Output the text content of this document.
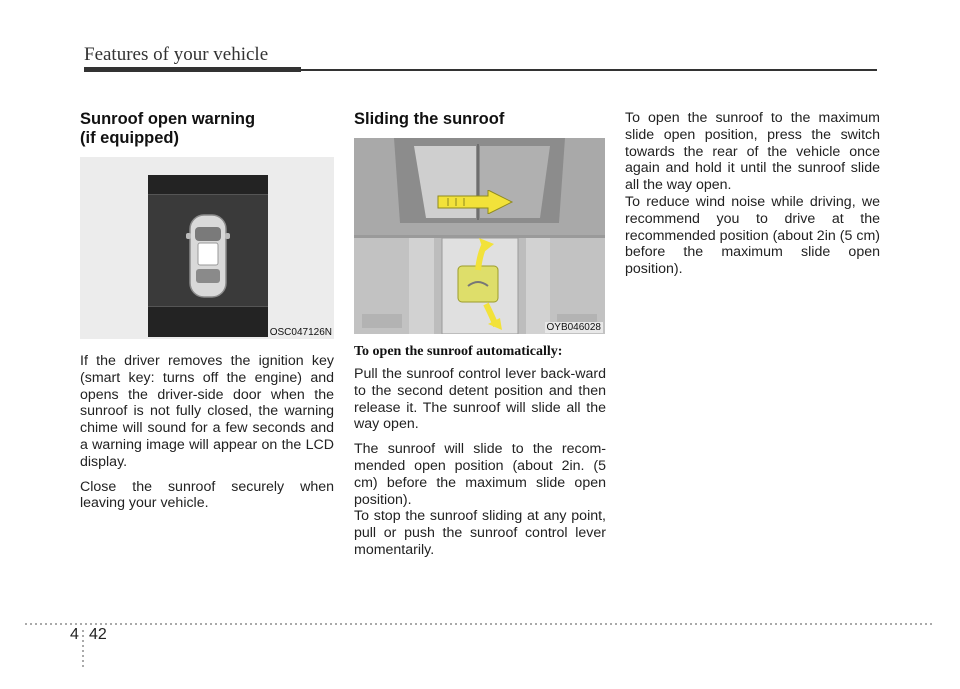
Features of your vehicle
Sunroof open warning
(if equipped)
OSC047126N

If the driver removes the ignition key (smart key: turns off the engine) and opens the driver-side door when the sunroof is not fully closed, the warning chime will sound for a few seconds and a warning image will appear on the LCD display.

Close the sunroof securely when leaving your vehicle.

Sliding the sunroof
OYB046028
To open the sunroof automatically:

Pull the sunroof control lever back-ward to the second detent position and then release it. The sunroof will slide all the way open.

The sunroof will slide to the recom-mended open position (about 2in. (5 cm) before the maximum slide open position).
To stop the sunroof sliding at any point, pull or push the sunroof control lever momentarily.

To open the sunroof to the maximum slide open position, press the switch towards the rear of the vehicle once again and hold it until the sunroof slide all the way open.
To reduce wind noise while driving, we recommend you to drive at the recommended position (about 2in (5 cm) before the maximum slide open position).

4 42
